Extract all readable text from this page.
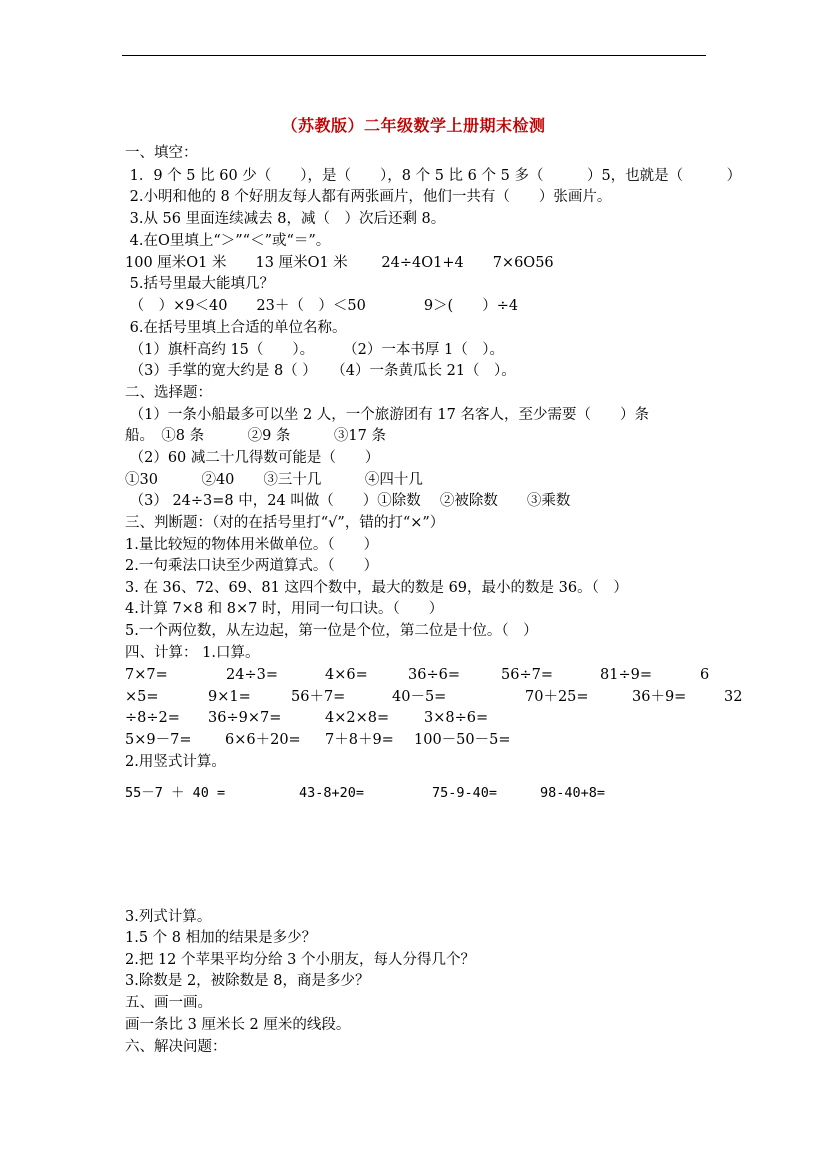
（苏教版）二年级数学上册期末检测
一、填空：
1．9 个 5 比 60 少（　　），是（　　），8 个 5 比 6 个 5 多（　　　）5，也就是（　　　）
2.小明和他的 8 个好朋友每人都有两张画片，他们一共有（　　）张画片。
3.从 56 里面连续减去 8，减（　）次后还剩 8。
4.在O里填上“＞”“＜”或“＝”。
100 厘米O1 米　　13 厘米O1 米　　 24÷4O1+4　　7×6O56
5.括号里最大能填几？
（　）×9＜40　　23＋（　）＜50　　　　9＞(　　）÷4
6.在括号里填上合适的单位名称。
（1）旗杆高约 15（　　）。　　　（2）一本书厚 1（　）。
（3）手掌的宽大约是 8（ ）　　（4）一条黄瓜长 21（　）。
二、选择题：
（1）一条小船最多可以坐 2 人，一个旅游团有 17 名客人，至少需要（　　）条
船。　①8 条　　　②9 条　　　③17 条
（2）60 减二十几得数可能是（　　）
①30　　　②40　　③三十几　　　④四十几
（3） 24÷3=8 中，24 叫做（　　）①除数　 ②被除数　　③乘数
三、判断题：（对的在括号里打“√”，错的打“×”）
1.量比较短的物体用米做单位。（　　）
2.一句乘法口诀至少两道算式。（　　）
3. 在 36、72、69、81 这四个数中，最大的数是 69，最小的数是 36。（　）
4.计算 7×8 和 8×7 时，用同一句口诀。（　　）
5.一个两位数，从左边起，第一位是个位，第二位是十位。（　）
四、计算： 1.口算。
7×7=	24÷3=	4×6=	36÷6=	56÷7=	81÷9=	6
×5=	9×1=	56＋7=	40－5=	70＋25=	36＋9=	32
÷8÷2= 36÷9×7=	4×2×8= 3×8÷6=
5×9－7= 6×6＋20= 7＋8＋9= 100－50－5=
2.用竖式计算。
55－7 ＋ 40 =	43-8+20=	75-9-40=	98-40+8=
3.列式计算。
1.5 个 8 相加的结果是多少？
2.把 12 个苹果平均分给 3 个小朋友，每人分得几个？
3.除数是 2，被除数是 8，商是多少？
五、画一画。
画一条比 3 厘米长 2 厘米的线段。
六、解决问题：
